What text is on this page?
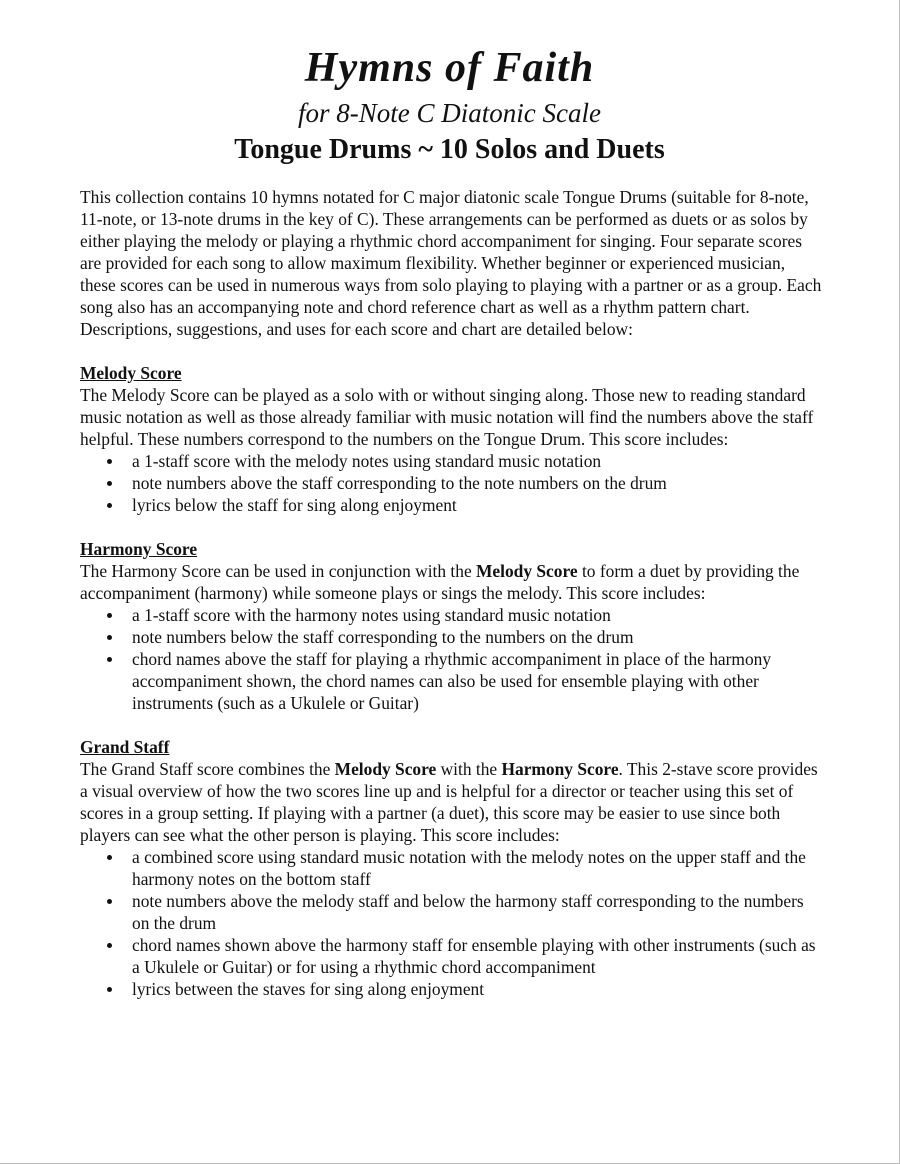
Hymns of Faith
for 8-Note C Diatonic Scale
Tongue Drums ~ 10 Solos and Duets

This collection contains 10 hymns notated for C major diatonic scale Tongue Drums (suitable for 8-note, 11-note, or 13-note drums in the key of C). These arrangements can be performed as duets or as solos by either playing the melody or playing a rhythmic chord accompaniment for singing. Four separate scores are provided for each song to allow maximum flexibility. Whether beginner or experienced musician, these scores can be used in numerous ways from solo playing to playing with a partner or as a group. Each song also has an accompanying note and chord reference chart as well as a rhythm pattern chart. Descriptions, suggestions, and uses for each score and chart are detailed below:

Melody Score

The Melody Score can be played as a solo with or without singing along. Those new to reading standard music notation as well as those already familiar with music notation will find the numbers above the staff helpful. These numbers correspond to the numbers on the Tongue Drum. This score includes:

a 1-staff score with the melody notes using standard music notation
note numbers above the staff corresponding to the note numbers on the drum
lyrics below the staff for sing along enjoyment

Harmony Score

The Harmony Score can be used in conjunction with the Melody Score to form a duet by providing the accompaniment (harmony) while someone plays or sings the melody. This score includes:

a 1-staff score with the harmony notes using standard music notation
note numbers below the staff corresponding to the numbers on the drum
chord names above the staff for playing a rhythmic accompaniment in place of the harmony accompaniment shown, the chord names can also be used for ensemble playing with other instruments (such as a Ukulele or Guitar)

Grand Staff

The Grand Staff score combines the Melody Score with the Harmony Score. This 2-stave score provides a visual overview of how the two scores line up and is helpful for a director or teacher using this set of scores in a group setting. If playing with a partner (a duet), this score may be easier to use since both players can see what the other person is playing. This score includes:

a combined score using standard music notation with the melody notes on the upper staff and the harmony notes on the bottom staff
note numbers above the melody staff and below the harmony staff corresponding to the numbers on the drum
chord names shown above the harmony staff for ensemble playing with other instruments (such as a Ukulele or Guitar) or for using a rhythmic chord accompaniment
lyrics between the staves for sing along enjoyment
